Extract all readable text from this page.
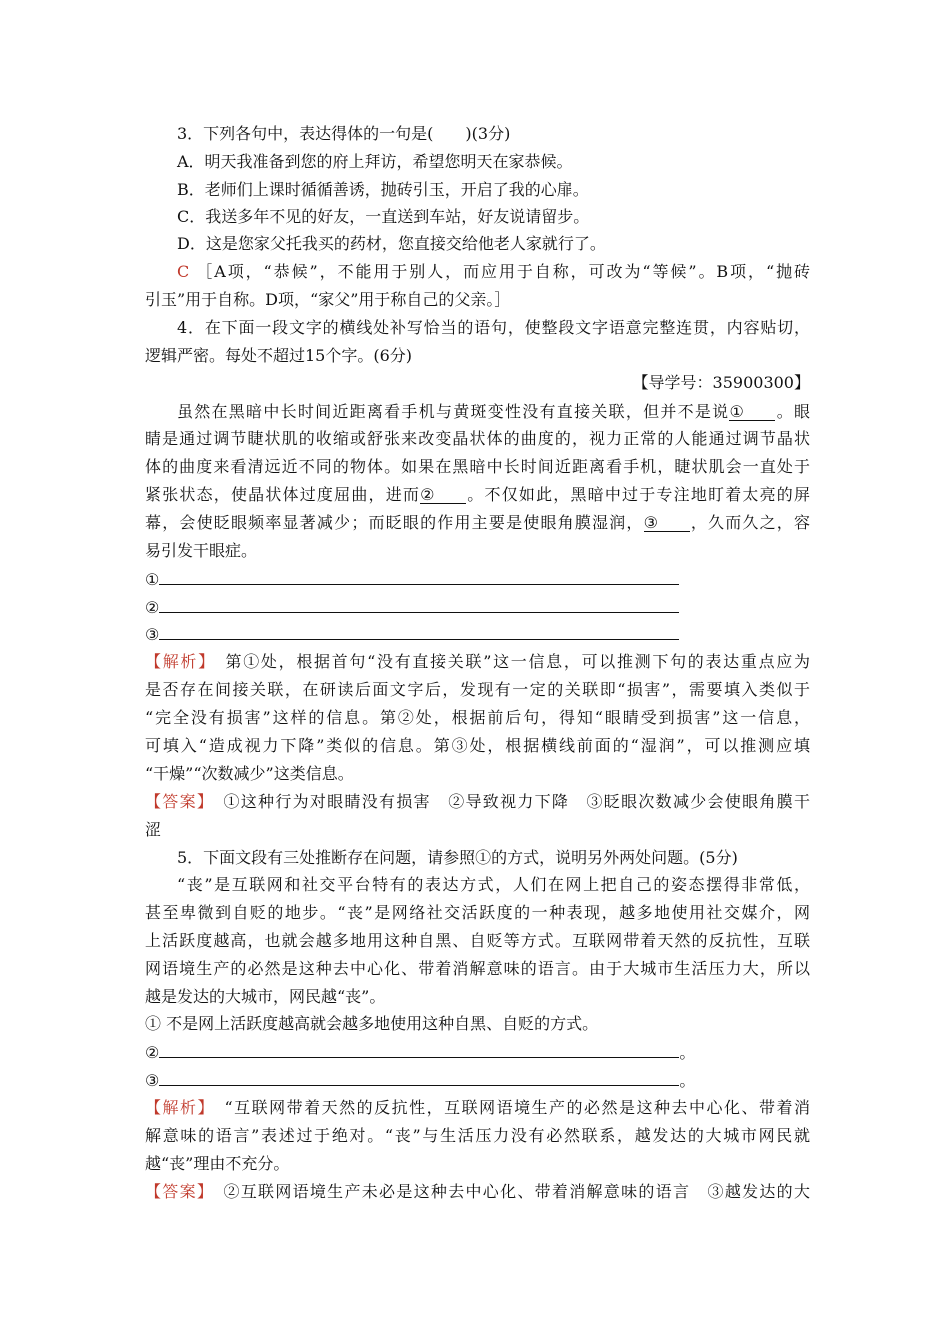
3．下列各句中，表达得体的一句是(　　)(3分)
A．明天我准备到您的府上拜访，希望您明天在家恭候。
B．老师们上课时循循善诱，抛砖引玉，开启了我的心扉。
C．我送多年不见的好友，一直送到车站，好友说请留步。
D．这是您家父托我买的药材，您直接交给他老人家就行了。
C ［A项，“恭候”，不能用于别人，而应用于自称，可改为“等候”。B项，“抛砖
引玉”用于自称。D项，“家父”用于称自己的父亲。］
4．在下面一段文字的横线处补写恰当的语句，使整段文字语意完整连贯，内容贴切，
逻辑严密。每处不超过15个字。(6分)
【导学号：35900300】
虽然在黑暗中长时间近距离看手机与黄斑变性没有直接关联，但并不是说① 。眼
睛是通过调节睫状肌的收缩或舒张来改变晶状体的曲度的，视力正常的人能通过调节晶状
体的曲度来看清远近不同的物体。如果在黑暗中长时间近距离看手机，睫状肌会一直处于
紧张状态，使晶状体过度屈曲，进而② 。不仅如此，黑暗中过于专注地盯着太亮的屏
幕，会使眨眼频率显著减少；而眨眼的作用主要是使眼角膜湿润，③ ，久而久之，容
易引发干眼症。
①
②
③
【解析】　 第①处，根据首句“没有直接关联”这一信息，可以推测下句的表达重点应为
是否存在间接关联，在研读后面文字后，发现有一定的关联即“损害”，需要填入类似于
“完全没有损害”这样的信息。第②处，根据前后句，得知“眼睛受到损害”这一信息，
可填入“造成视力下降”类似的信息。第③处，根据横线前面的“湿润”，可以推测应填
“干燥”“次数减少”这类信息。
【答案】　 ①这种行为对眼睛没有损害　②导致视力下降　③眨眼次数减少会使眼角膜干
涩
5．下面文段有三处推断存在问题，请参照①的方式，说明另外两处问题。(5分)
“丧”是互联网和社交平台特有的表达方式，人们在网上把自己的姿态摆得非常低，
甚至卑微到自贬的地步。“丧”是网络社交活跃度的一种表现，越多地使用社交媒介，网
上活跃度越高，也就会越多地用这种自黑、自贬等方式。互联网带着天然的反抗性，互联
网语境生产的必然是这种去中心化、带着消解意味的语言。由于大城市生活压力大，所以
越是发达的大城市，网民越“丧”。
① 不是网上活跃度越高就会越多地使用这种自黑、自贬的方式。
②	。
③	。
【解析】　 “互联网带着天然的反抗性，互联网语境生产的必然是这种去中心化、带着消
解意味的语言”表述过于绝对。“丧”与生活压力没有必然联系，越发达的大城市网民就
越“丧”理由不充分。
【答案】　 ②互联网语境生产未必是这种去中心化、带着消解意味的语言　③越发达的大
